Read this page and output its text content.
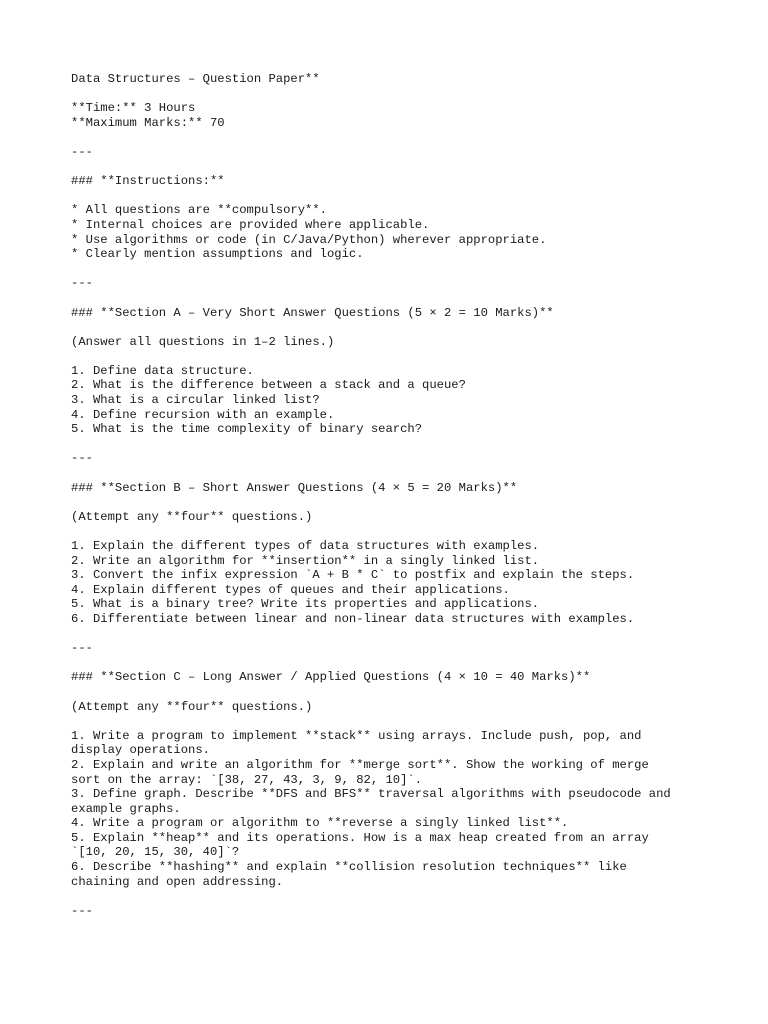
Data Structures – Question Paper**
**Time:** 3 Hours
**Maximum Marks:** 70
---
### **Instructions:**
* All questions are **compulsory**.
* Internal choices are provided where applicable.
* Use algorithms or code (in C/Java/Python) wherever appropriate.
* Clearly mention assumptions and logic.
---
### **Section A – Very Short Answer Questions (5 × 2 = 10 Marks)**
(Answer all questions in 1–2 lines.)
1. Define data structure.
2. What is the difference between a stack and a queue?
3. What is a circular linked list?
4. Define recursion with an example.
5. What is the time complexity of binary search?
---
### **Section B – Short Answer Questions (4 × 5 = 20 Marks)**
(Attempt any **four** questions.)
1. Explain the different types of data structures with examples.
2. Write an algorithm for **insertion** in a singly linked list.
3. Convert the infix expression `A + B * C` to postfix and explain the steps.
4. Explain different types of queues and their applications.
5. What is a binary tree? Write its properties and applications.
6. Differentiate between linear and non-linear data structures with examples.
---
### **Section C – Long Answer / Applied Questions (4 × 10 = 40 Marks)**
(Attempt any **four** questions.)
1. Write a program to implement **stack** using arrays. Include push, pop, and
display operations.
2. Explain and write an algorithm for **merge sort**. Show the working of merge
sort on the array: `[38, 27, 43, 3, 9, 82, 10]`.
3. Define graph. Describe **DFS and BFS** traversal algorithms with pseudocode and
example graphs.
4. Write a program or algorithm to **reverse a singly linked list**.
5. Explain **heap** and its operations. How is a max heap created from an array
`[10, 20, 15, 30, 40]`?
6. Describe **hashing** and explain **collision resolution techniques** like
chaining and open addressing.
---
